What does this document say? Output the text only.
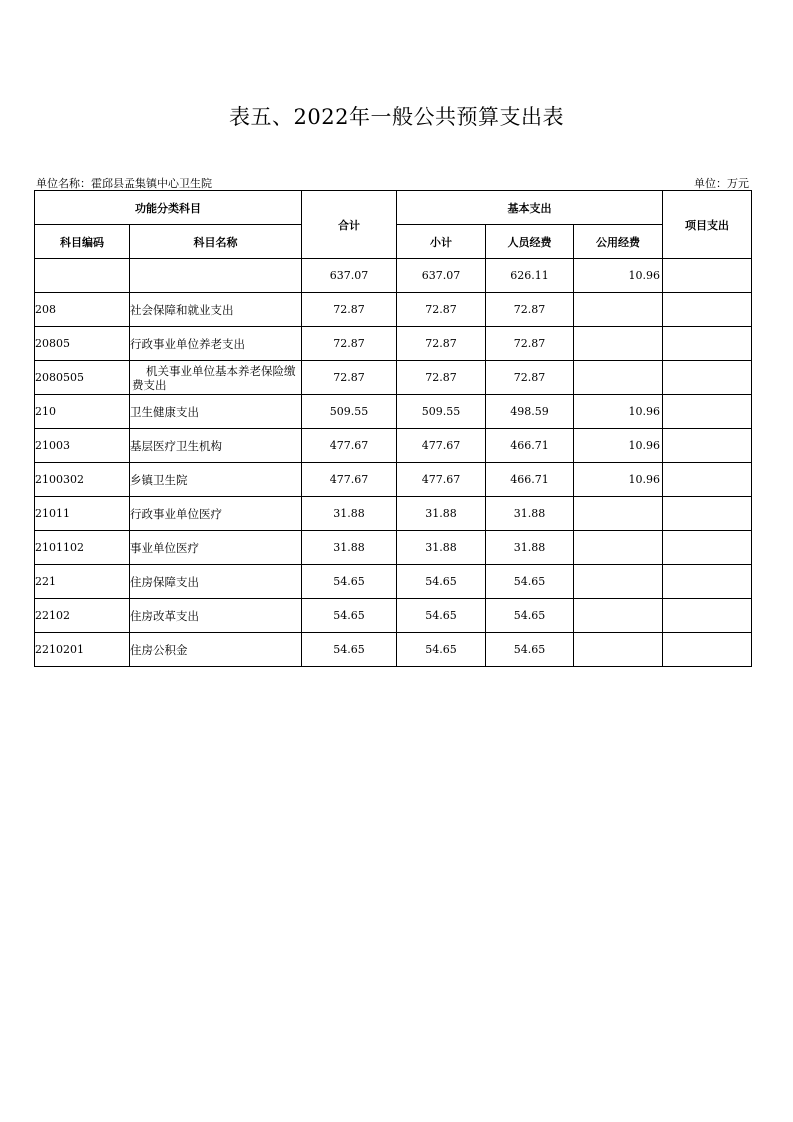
表五、2022年一般公共预算支出表
单位名称：霍邱县孟集镇中心卫生院	单位：万元
功能分类科目		合计	基本支出			项目支出
科目编码	科目名称		小计	人员经费	公用经费	
		637.07	637.07	626.11	10.96	
208	社会保障和就业支出	72.87	72.87	72.87		
20805	行政事业单位养老支出	72.87	72.87	72.87		
2080505	机关事业单位基本养老保险缴费支出	72.87	72.87	72.87		
210	卫生健康支出	509.55	509.55	498.59	10.96	
21003	基层医疗卫生机构	477.67	477.67	466.71	10.96	
2100302	乡镇卫生院	477.67	477.67	466.71	10.96	
21011	行政事业单位医疗	31.88	31.88	31.88		
2101102	事业单位医疗	31.88	31.88	31.88		
221	住房保障支出	54.65	54.65	54.65		
22102	住房改革支出	54.65	54.65	54.65		
2210201	住房公积金	54.65	54.65	54.65		
